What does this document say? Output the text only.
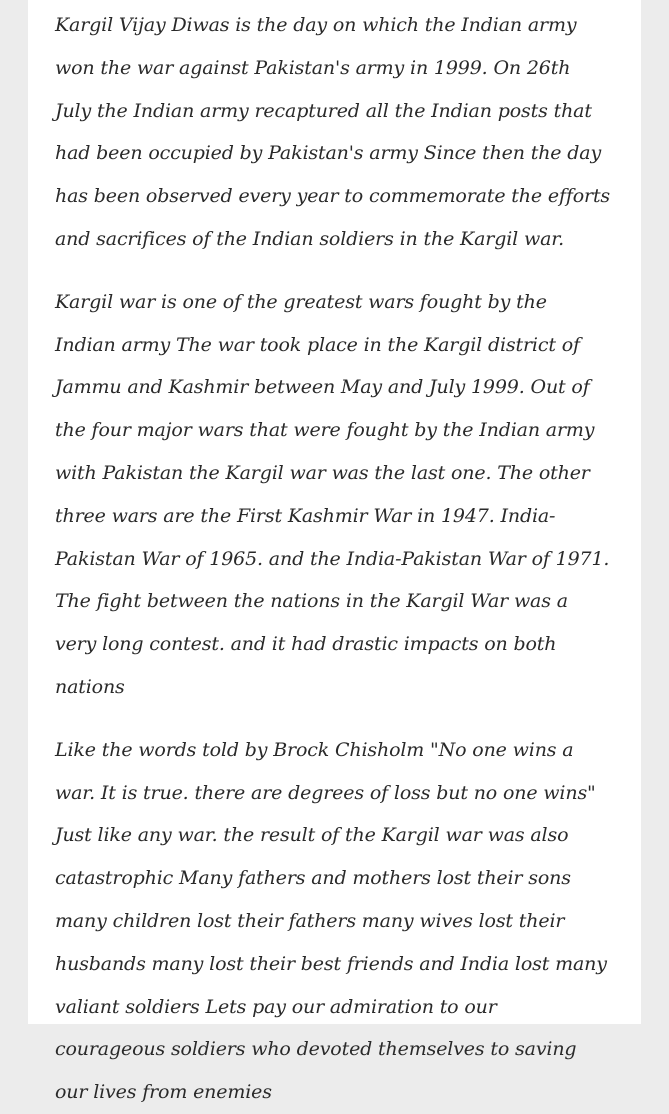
Kargil Vijay Diwas is the day on which the Indian army won the war against Pakistan's army in 1999. On 26th July the Indian army recaptured all the Indian posts that had been occupied by Pakistan's army Since then the day has been observed every year to commemorate the efforts and sacrifices of the Indian soldiers in the Kargil war.

Kargil war is one of the greatest wars fought by the Indian army The war took place in the Kargil district of Jammu and Kashmir between May and July 1999. Out of the four major wars that were fought by the Indian army with Pakistan the Kargil war was the last one. The other three wars are the First Kashmir War in 1947. India-Pakistan War of 1965. and the India-Pakistan War of 1971. The fight between the nations in the Kargil War was a very long contest. and it had drastic impacts on both nations

Like the words told by Brock Chisholm "No one wins a war. It is true. there are degrees of loss but no one wins" Just like any war. the result of the Kargil war was also catastrophic Many fathers and mothers lost their sons many children lost their fathers many wives lost their husbands many lost their best friends and India lost many valiant soldiers Lets pay our admiration to our courageous soldiers who devoted themselves to saving our lives from enemies
